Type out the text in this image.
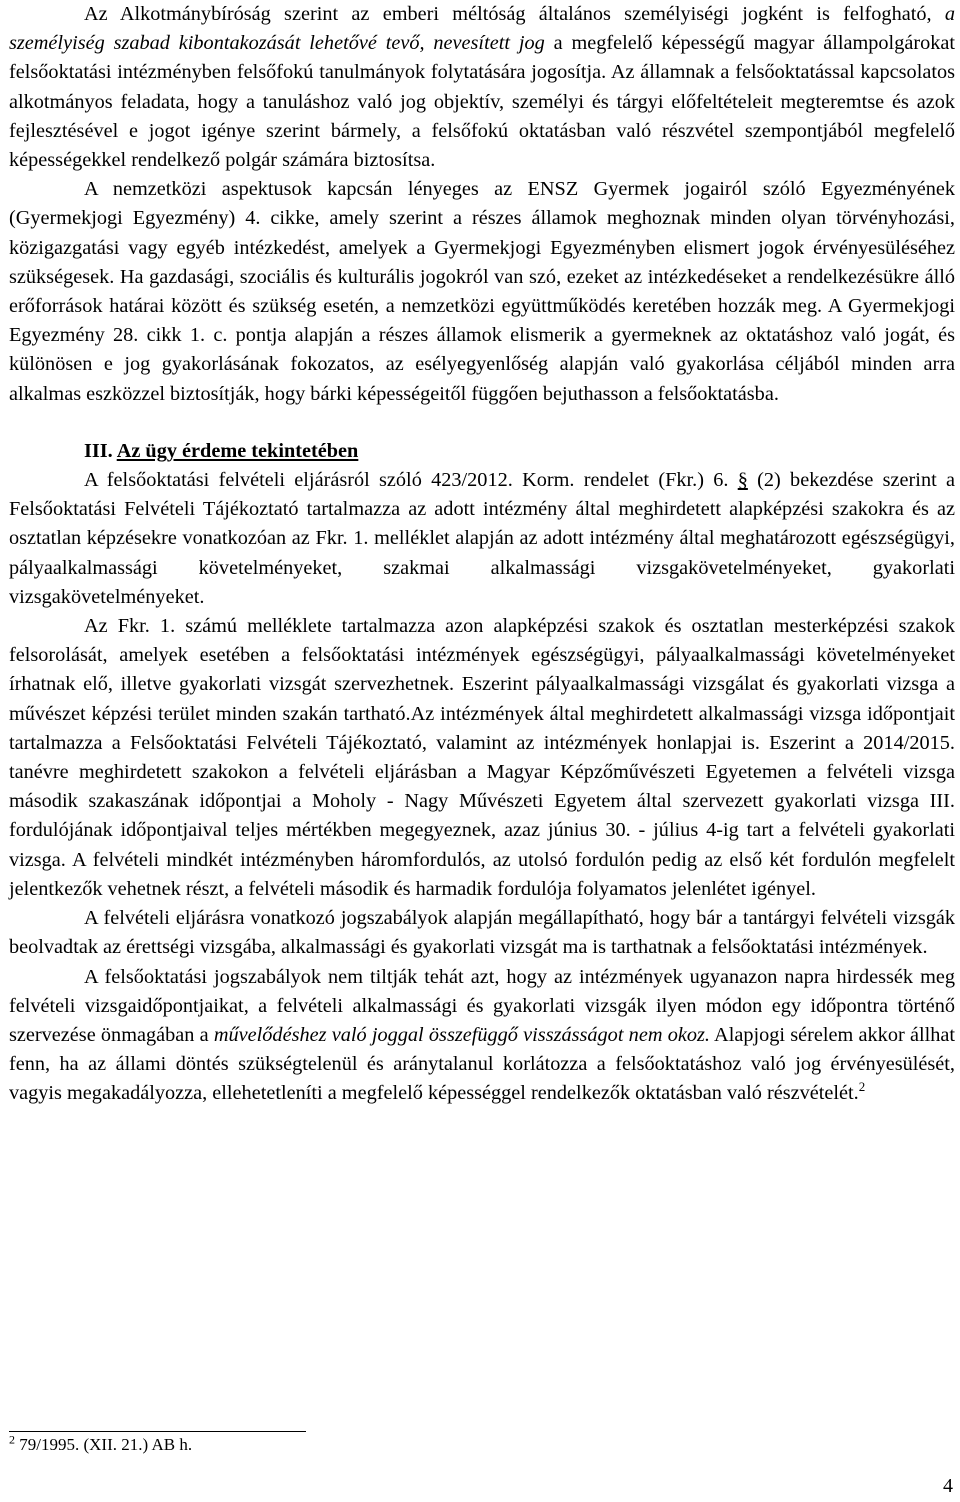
Az Alkotmánybíróság szerint az emberi méltóság általános személyiségi jogként is felfogható, a személyiség szabad kibontakozását lehetővé tevő, nevesített jog a megfelelő képességű magyar állampolgárokat felsőoktatási intézményben felsőfokú tanulmányok folytatására jogosítja. Az államnak a felsőoktatással kapcsolatos alkotmányos feladata, hogy a tanuláshoz való jog objektív, személyi és tárgyi előfeltételeit megteremtse és azok fejlesztésével e jogot igénye szerint bármely, a felsőfokú oktatásban való részvétel szempontjából megfelelő képességekkel rendelkező polgár számára biztosítsa.

A nemzetközi aspektusok kapcsán lényeges az ENSZ Gyermek jogairól szóló Egyezményének (Gyermekjogi Egyezmény) 4. cikke, amely szerint a részes államok meghoznak minden olyan törvényhozási, közigazgatási vagy egyéb intézkedést, amelyek a Gyermekjogi Egyezményben elismert jogok érvényesüléséhez szükségesek. Ha gazdasági, szociális és kulturális jogokról van szó, ezeket az intézkedéseket a rendelkezésükre álló erőforrások határai között és szükség esetén, a nemzetközi együttműködés keretében hozzák meg. A Gyermekjogi Egyezmény 28. cikk 1. c. pontja alapján a részes államok elismerik a gyermeknek az oktatáshoz való jogát, és különösen e jog gyakorlásának fokozatos, az esélyegyenlőség alapján való gyakorlása céljából minden arra alkalmas eszközzel biztosítják, hogy bárki képességeitől függően bejuthasson a felsőoktatásba.

III. Az ügy érdeme tekintetében

A felsőoktatási felvételi eljárásról szóló 423/2012. Korm. rendelet (Fkr.) 6. § (2) bekezdése szerint a Felsőoktatási Felvételi Tájékoztató tartalmazza az adott intézmény által meghirdetett alapképzési szakokra és az osztatlan képzésekre vonatkozóan az Fkr. 1. melléklet alapján az adott intézmény által meghatározott egészségügyi, pályaalkalmassági követelményeket, szakmai alkalmassági vizsgakövetelményeket, gyakorlati vizsgakövetelményeket.

Az Fkr. 1. számú melléklete tartalmazza azon alapképzési szakok és osztatlan mesterképzési szakok felsorolását, amelyek esetében a felsőoktatási intézmények egészségügyi, pályaalkalmassági követelményeket írhatnak elő, illetve gyakorlati vizsgát szervezhetnek. Eszerint pályaalkalmassági vizsgálat és gyakorlati vizsga a művészet képzési terület minden szakán tartható.Az intézmények által meghirdetett alkalmassági vizsga időpontjait tartalmazza a Felsőoktatási Felvételi Tájékoztató, valamint az intézmények honlapjai is. Eszerint a 2014/2015. tanévre meghirdetett szakokon a felvételi eljárásban a Magyar Képzőművészeti Egyetemen a felvételi vizsga második szakaszának időpontjai a Moholy - Nagy Művészeti Egyetem által szervezett gyakorlati vizsga III. fordulójának időpontjaival teljes mértékben megegyeznek, azaz június 30. - július 4-ig tart a felvételi gyakorlati vizsga. A felvételi mindkét intézményben háromfordulós, az utolsó fordulón pedig az első két fordulón megfelelt jelentkezők vehetnek részt, a felvételi második és harmadik fordulója folyamatos jelenlétet igényel.

A felvételi eljárásra vonatkozó jogszabályok alapján megállapítható, hogy bár a tantárgyi felvételi vizsgák beolvadtak az érettségi vizsgába, alkalmassági és gyakorlati vizsgát ma is tarthatnak a felsőoktatási intézmények.

A felsőoktatási jogszabályok nem tiltják tehát azt, hogy az intézmények ugyanazon napra hirdessék meg felvételi vizsgaidőpontjaikat, a felvételi alkalmassági és gyakorlati vizsgák ilyen módon egy időpontra történő szervezése önmagában a művelődéshez való joggal összefüggő visszásságot nem okoz. Alapjogi sérelem akkor állhat fenn, ha az állami döntés szükségtelenül és aránytalanul korlátozza a felsőoktatáshoz való jog érvényesülését, vagyis megakadályozza, ellehetetleníti a megfelelő képességgel rendelkezők oktatásban való részvételét.$^2$

$^2$ 79/1995. (XII. 21.) AB h.
4
